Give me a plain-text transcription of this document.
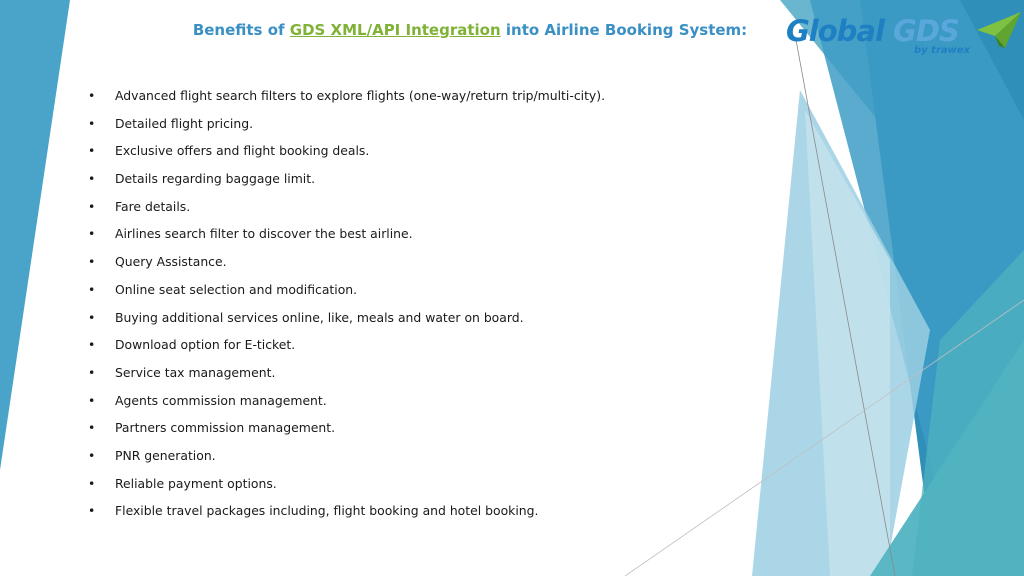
Benefits of GDS XML/API Integration into Airline Booking System:	Global GDS
by trawex
•	Advanced flight search filters to explore flights (one-way/return trip/multi-city).
•	Detailed flight pricing.
•	Exclusive offers and flight booking deals.
•	Details regarding baggage limit.
•	Fare details.
•	Airlines search filter to discover the best airline.
•	Query Assistance.
•	Online seat selection and modification.
•	Buying additional services online, like, meals and water on board.
•	Download option for E-ticket.
•	Service tax management.
•	Agents commission management.
•	Partners commission management.
•	PNR generation.
•	Reliable payment options.
•	Flexible travel packages including, flight booking and hotel booking.
